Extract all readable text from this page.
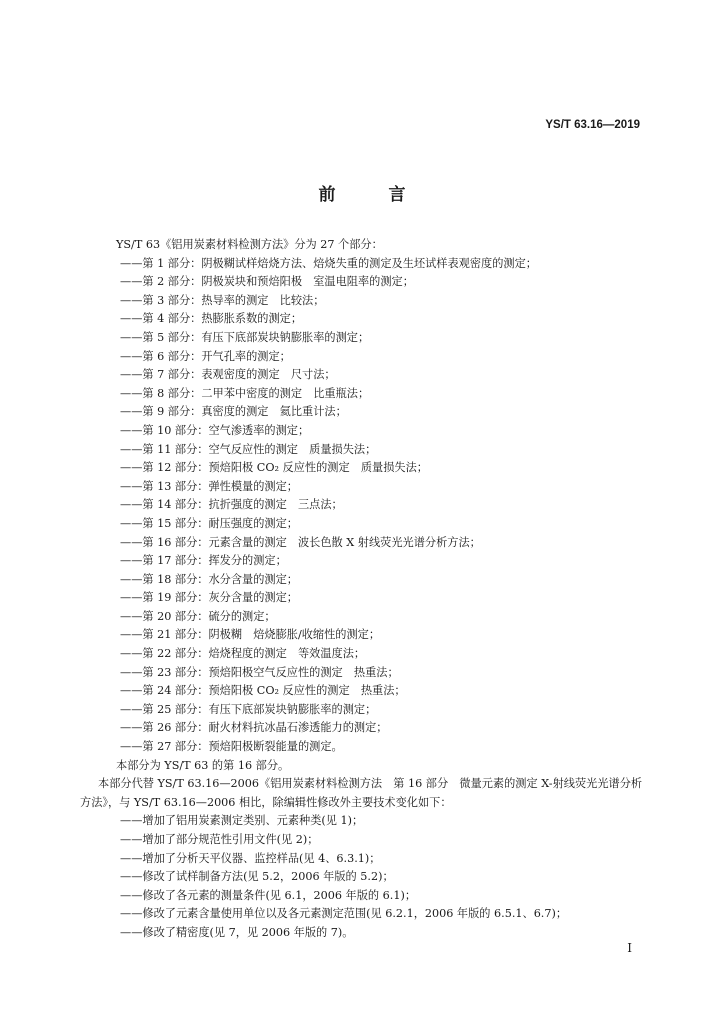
YS/T 63.16—2019
前　言
YS/T 63《铝用炭素材料检测方法》分为 27 个部分：
——第 1 部分：阴极糊试样焙烧方法、焙烧失重的测定及生坯试样表观密度的测定；
——第 2 部分：阴极炭块和预焙阳极　室温电阻率的测定；
——第 3 部分：热导率的测定　比较法；
——第 4 部分：热膨胀系数的测定；
——第 5 部分：有压下底部炭块钠膨胀率的测定；
——第 6 部分：开气孔率的测定；
——第 7 部分：表观密度的测定　尺寸法；
——第 8 部分：二甲苯中密度的测定　比重瓶法；
——第 9 部分：真密度的测定　氦比重计法；
——第 10 部分：空气渗透率的测定；
——第 11 部分：空气反应性的测定　质量损失法；
——第 12 部分：预焙阳极 CO₂ 反应性的测定　质量损失法；
——第 13 部分：弹性模量的测定；
——第 14 部分：抗折强度的测定　三点法；
——第 15 部分：耐压强度的测定；
——第 16 部分：元素含量的测定　波长色散 X 射线荧光光谱分析方法；
——第 17 部分：挥发分的测定；
——第 18 部分：水分含量的测定；
——第 19 部分：灰分含量的测定；
——第 20 部分：硫分的测定；
——第 21 部分：阴极糊　焙烧膨胀/收缩性的测定；
——第 22 部分：焙烧程度的测定　等效温度法；
——第 23 部分：预焙阳极空气反应性的测定　热重法；
——第 24 部分：预焙阳极 CO₂ 反应性的测定　热重法；
——第 25 部分：有压下底部炭块钠膨胀率的测定；
——第 26 部分：耐火材料抗冰晶石渗透能力的测定；
——第 27 部分：预焙阳极断裂能量的测定。
本部分为 YS/T 63 的第 16 部分。
本部分代替 YS/T 63.16—2006《铝用炭素材料检测方法　第 16 部分　微量元素的测定 X-射线荧光光谱分析方法》，与 YS/T 63.16—2006 相比，除编辑性修改外主要技术变化如下：
——增加了铝用炭素测定类别、元素种类(见 1)；
——增加了部分规范性引用文件(见 2)；
——增加了分析天平仪器、监控样品(见 4、6.3.1)；
——修改了试样制备方法(见 5.2，2006 年版的 5.2)；
——修改了各元素的测量条件(见 6.1，2006 年版的 6.1)；
——修改了元素含量使用单位以及各元素测定范围(见 6.2.1，2006 年版的 6.5.1、6.7)；
——修改了精密度(见 7，见 2006 年版的 7)。
I
